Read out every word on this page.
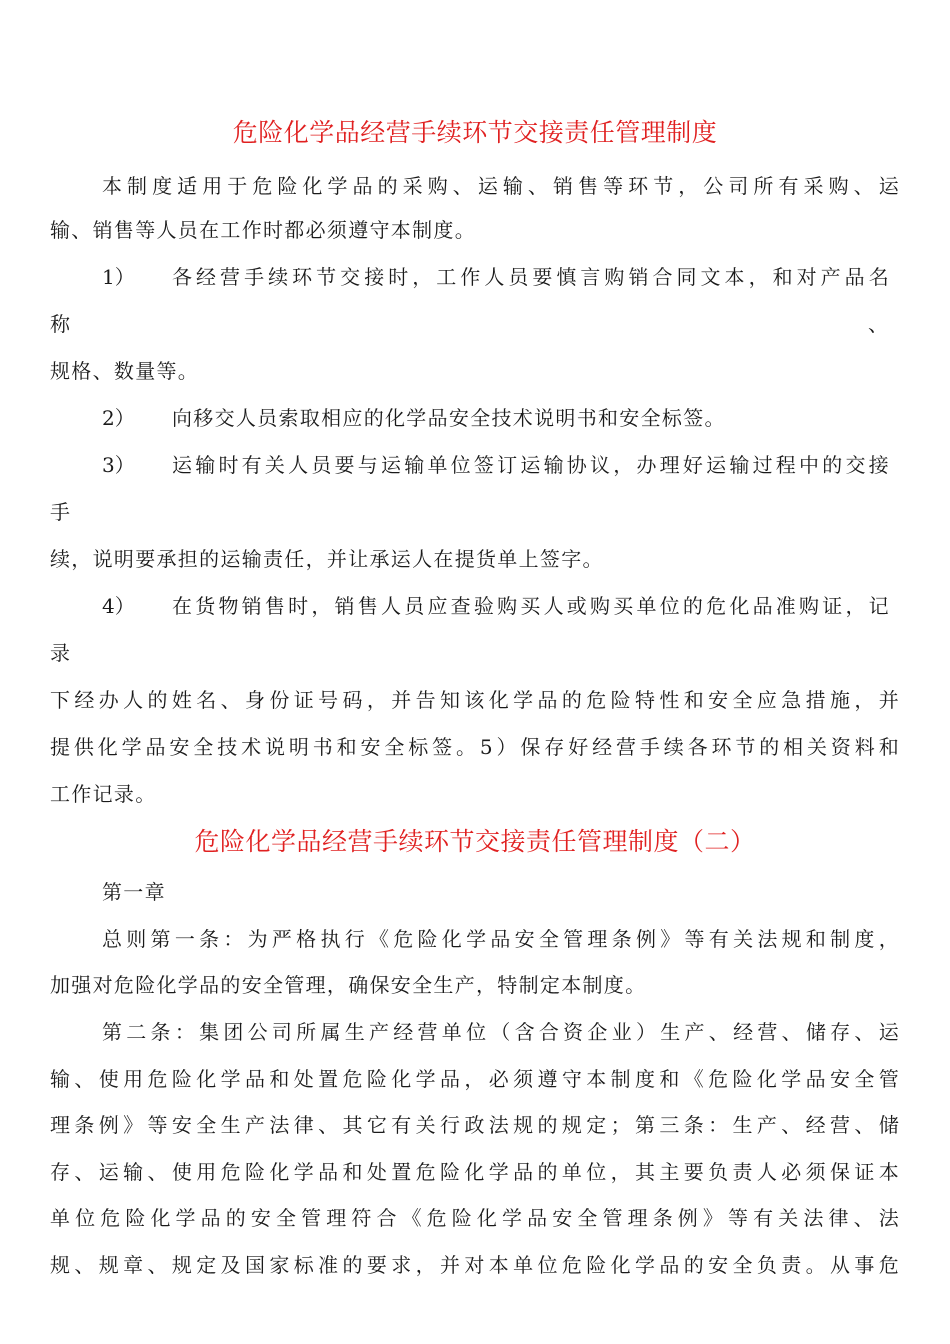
危险化学品经营手续环节交接责任管理制度
本制度适用于危险化学品的采购、运输、销售等环节，公司所有采购、运
输、销售等人员在工作时都必须遵守本制度。
1） 各经营手续环节交接时，工作人员要慎言购销合同文本，和对产品名
称	、
规格、数量等。
2） 向移交人员索取相应的化学品安全技术说明书和安全标签。
3） 运输时有关人员要与运输单位签订运输协议，办理好运输过程中的交接
手
续，说明要承担的运输责任，并让承运人在提货单上签字。
4） 在货物销售时，销售人员应查验购买人或购买单位的危化品准购证，记
录
下经办人的姓名、身份证号码，并告知该化学品的危险特性和安全应急措施，并
提供化学品安全技术说明书和安全标签。5）保存好经营手续各环节的相关资料和
工作记录。
危险化学品经营手续环节交接责任管理制度（二）
第一章
总则第一条：为严格执行《危险化学品安全管理条例》等有关法规和制度，
加强对危险化学品的安全管理，确保安全生产，特制定本制度。
第二条：集团公司所属生产经营单位（含合资企业）生产、经营、储存、运
输、使用危险化学品和处置危险化学品，必须遵守本制度和《危险化学品安全管
理条例》等安全生产法律、其它有关行政法规的规定；第三条：生产、经营、储
存、运输、使用危险化学品和处置危险化学品的单位，其主要负责人必须保证本
单位危险化学品的安全管理符合《危险化学品安全管理条例》等有关法律、法
规、规章、规定及国家标准的要求，并对本单位危险化学品的安全负责。从事危
